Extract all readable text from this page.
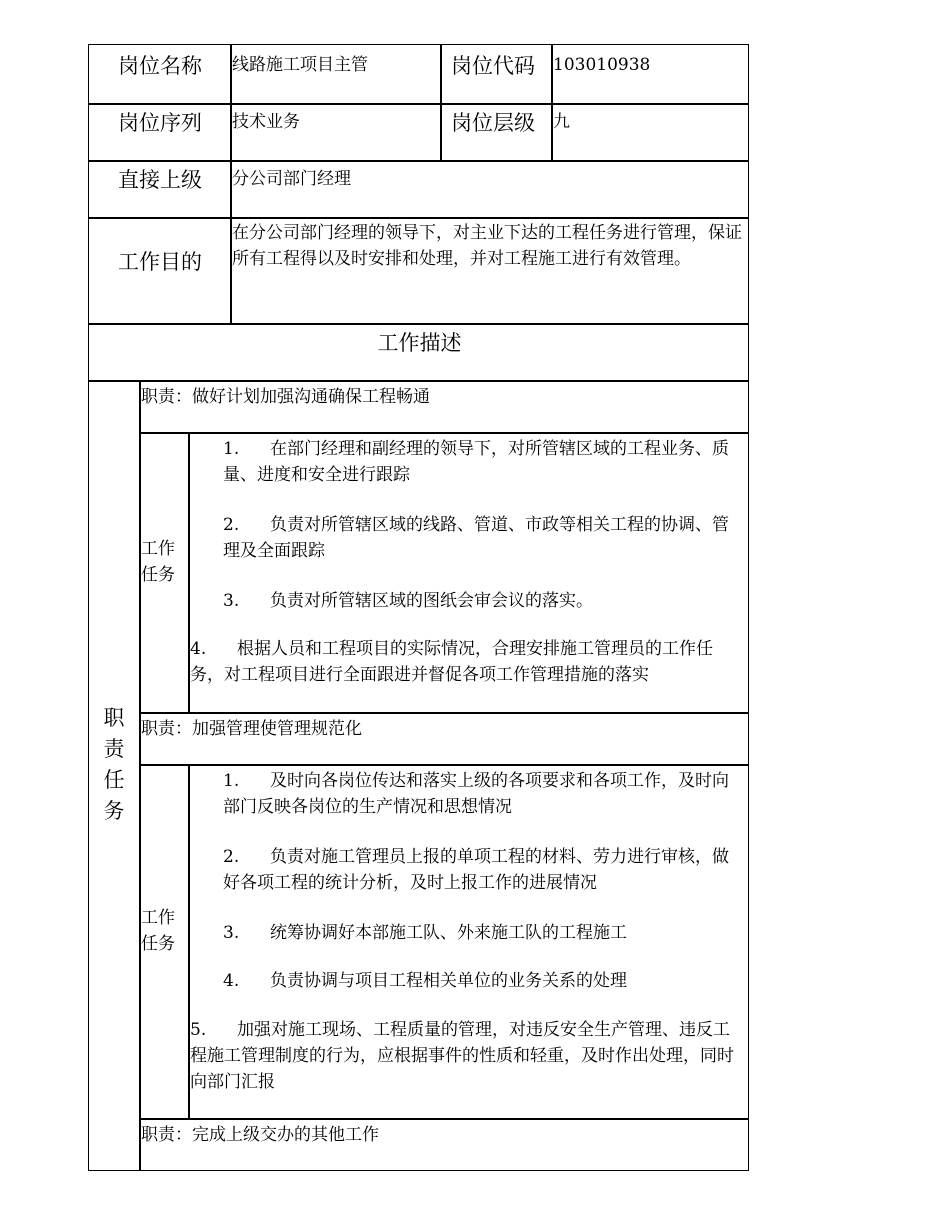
岗位名称 线路施工项目主管	岗位代码 103010938
岗位序列 技术业务	岗位层级 九
直接上级 分公司部门经理
工作目的
在分公司部门经理的领导下，对主业下达的工程任务进行管理，保证所有工程得以及时安排和处理，并对工程施工进行有效管理。
工作描述
职责任务
职责：做好计划加强沟通确保工程畅通
工作任务
1. 在部门经理和副经理的领导下，对所管辖区域的工程业务、质量、进度和安全进行跟踪
2. 负责对所管辖区域的线路、管道、市政等相关工程的协调、管理及全面跟踪
3. 负责对所管辖区域的图纸会审会议的落实。
4. 根据人员和工程项目的实际情况，合理安排施工管理员的工作任务，对工程项目进行全面跟进并督促各项工作管理措施的落实
职责：加强管理使管理规范化
工作任务
1. 及时向各岗位传达和落实上级的各项要求和各项工作，及时向部门反映各岗位的生产情况和思想情况
2. 负责对施工管理员上报的单项工程的材料、劳力进行审核，做好各项工程的统计分析，及时上报工作的进展情况
3. 统筹协调好本部施工队、外来施工队的工程施工
4. 负责协调与项目工程相关单位的业务关系的处理
5. 加强对施工现场、工程质量的管理，对违反安全生产管理、违反工程施工管理制度的行为，应根据事件的性质和轻重，及时作出处理，同时向部门汇报
职责：完成上级交办的其他工作
